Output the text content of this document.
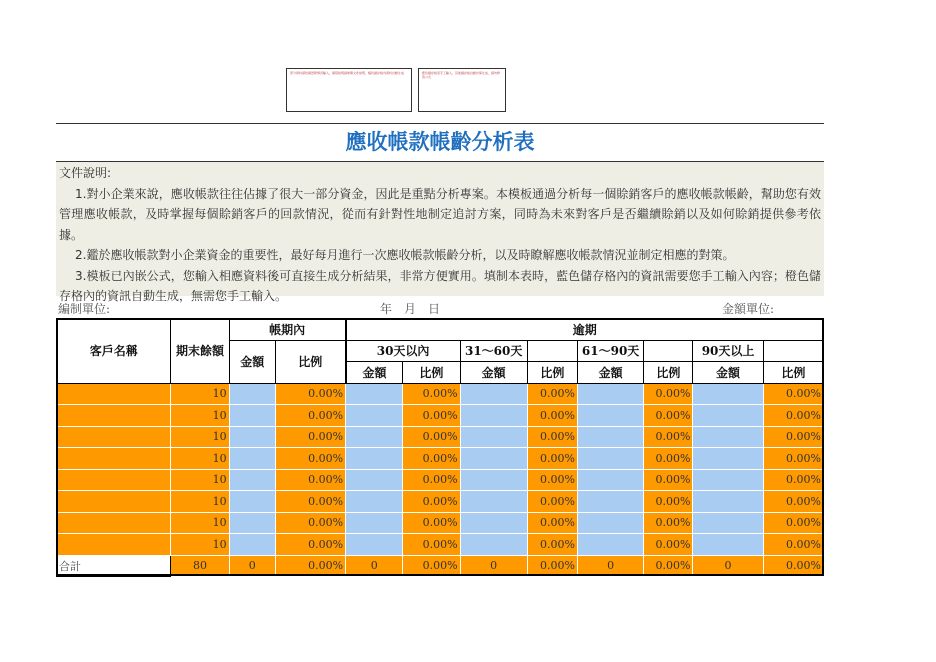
部分資料請依據實際情況輸入，填寫說明請參閱文件說明，橘色儲存格內資料自動生成	藍色儲存格需手工輸入，其他儲存格自動計算生成，請勿修改公式
應收帳款帳齡分析表

文件說明:

1.對小企業來說，應收帳款往往佔據了很大一部分資金，因此是重點分析專案。本模板通過分析每一個賒銷客戶的應收帳款帳齡，幫助您有效管理應收帳款，及時掌握每個賒銷客戶的回款情況，從而有針對性地制定追討方案，同時為未來對客戶是否繼續賒銷以及如何賒銷提供參考依據。

2.鑑於應收帳款對小企業資金的重要性，最好每月進行一次應收帳款帳齡分析，以及時瞭解應收帳款情況並制定相應的對策。

3.模板已內嵌公式，您輸入相應資料後可直接生成分析結果，非常方便實用。填制本表時，藍色儲存格內的資訊需要您手工輸入內容；橙色儲存格內的資訊自動生成，無需您手工輸入。

編制單位:	年　月　日	金額單位:
客戶名稱	期末餘額	帳期內		逾期							
		金額	比例	30天以內		31～60天		61～90天		90天以上	
				金額	比例	金額	比例	金額	比例	金額	比例
	10		0.00%		0.00%		0.00%		0.00%		0.00%
	10		0.00%		0.00%		0.00%		0.00%		0.00%
	10		0.00%		0.00%		0.00%		0.00%		0.00%
	10		0.00%		0.00%		0.00%		0.00%		0.00%
	10		0.00%		0.00%		0.00%		0.00%		0.00%
	10		0.00%		0.00%		0.00%		0.00%		0.00%
	10		0.00%		0.00%		0.00%		0.00%		0.00%
	10		0.00%		0.00%		0.00%		0.00%		0.00%
合計	80	0	0.00%	0	0.00%	0	0.00%	0	0.00%	0	0.00%
